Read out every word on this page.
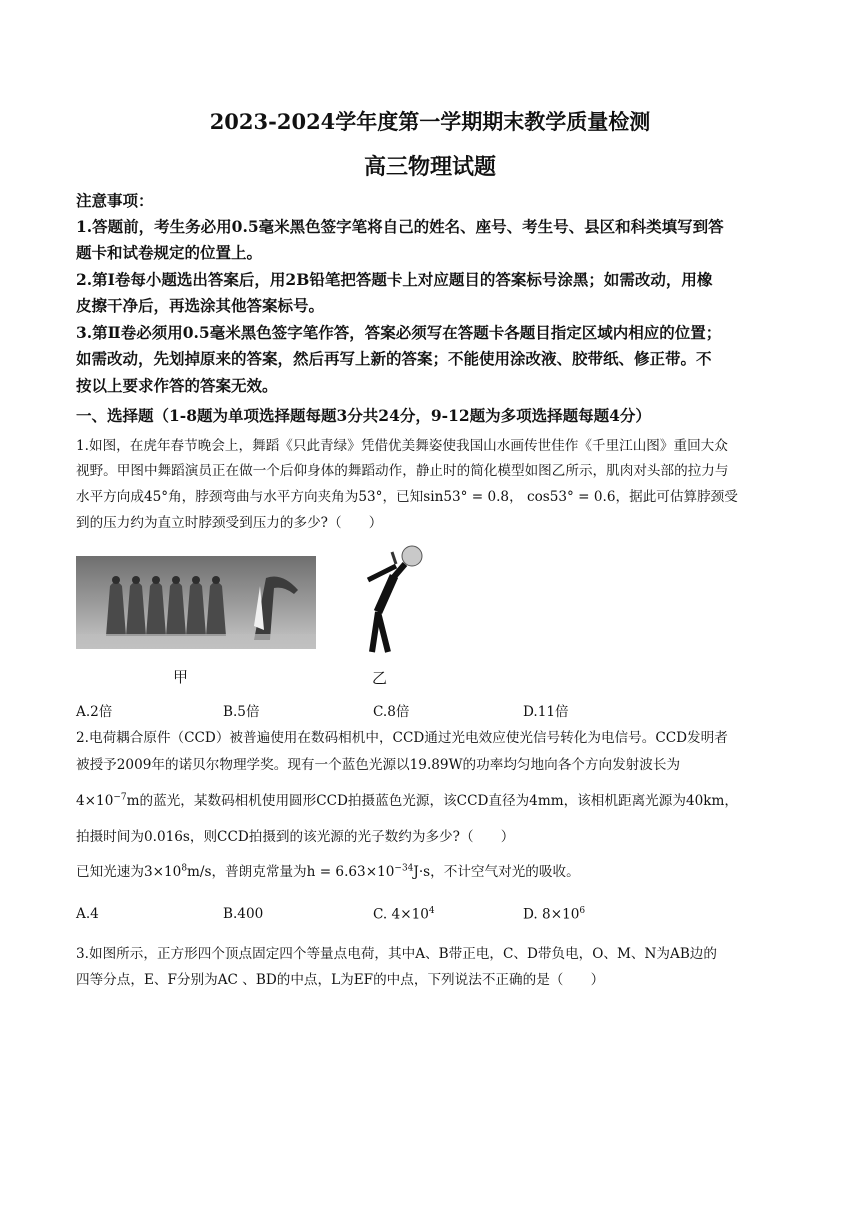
2023-2024学年度第一学期期末教学质量检测
高三物理试题
注意事项：
1.答题前，考生务必用0.5毫米黑色签字笔将自己的姓名、座号、考生号、县区和科类填写到答
题卡和试卷规定的位置上。
2.第Ⅰ卷每小题选出答案后，用2B铅笔把答题卡上对应题目的答案标号涂黑；如需改动，用橡
皮擦干净后，再选涂其他答案标号。
3.第Ⅱ卷必须用0.5毫米黑色签字笔作答，答案必须写在答题卡各题目指定区域内相应的位置；
如需改动，先划掉原来的答案，然后再写上新的答案；不能使用涂改液、胶带纸、修正带。不
按以上要求作答的答案无效。
一、选择题（1-8题为单项选择题每题3分共24分，9-12题为多项选择题每题4分）
1.如图，在虎年春节晚会上，舞蹈《只此青绿》凭借优美舞姿使我国山水画传世佳作《千里江山图》重回大众
视野。甲图中舞蹈演员正在做一个后仰身体的舞蹈动作，静止时的简化模型如图乙所示，肌肉对头部的拉力与
水平方向成45°角，脖颈弯曲与水平方向夹角为53°，已知sin53° = 0.8， cos53° = 0.6，据此可估算脖颈受
到的压力约为直立时脖颈受到压力的多少?（　　）
甲	乙
A.2倍	B.5倍	C.8倍	D.11倍
2.电荷耦合原件（CCD）被普遍使用在数码相机中，CCD通过光电效应使光信号转化为电信号。CCD发明者
被授予2009年的诺贝尔物理学奖。现有一个蓝色光源以19.89W的功率均匀地向各个方向发射波长为
$4\times 10^{-7}m$的蓝光，某数码相机使用圆形CCD拍摄蓝色光源，该CCD直径为4mm，该相机距离光源为40km，
拍摄时间为0.016s，则CCD拍摄到的该光源的光子数约为多少?（　　）
已知光速为$3\times 10^8m/s$，普朗克常量为$h = 6.63\times 10^{-34}J\cdot s$，不计空气对光的吸收。
A.4	B.400	C. $4\times 10^4$	D. $8\times 10^6$
3.如图所示，正方形四个顶点固定四个等量点电荷，其中A、B带正电，C、D带负电，O、M、N为AB边的
四等分点，E、F分别为AC 、BD的中点，L为EF的中点，下列说法不正确的是（　　）
